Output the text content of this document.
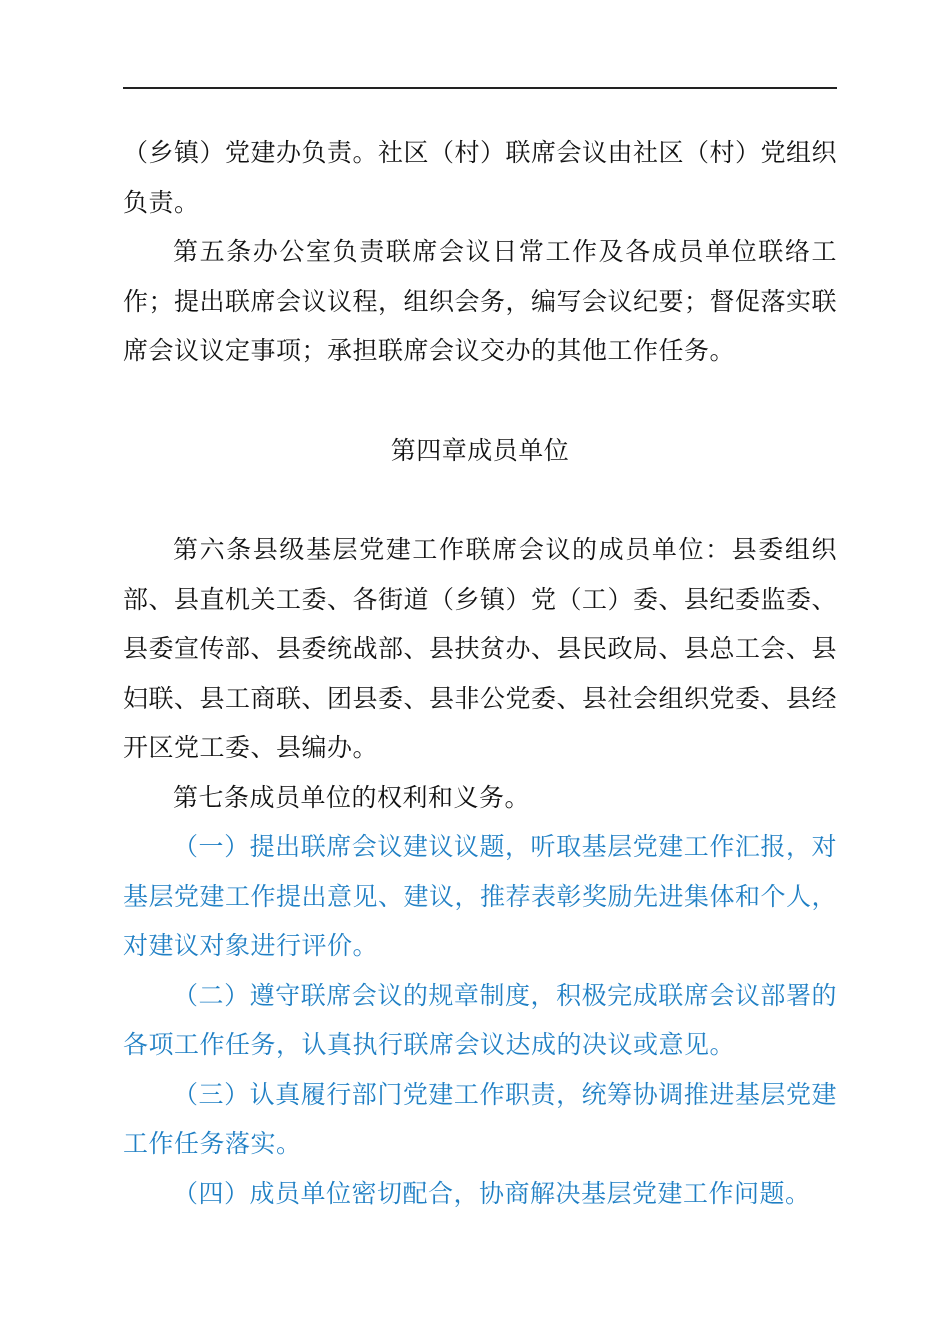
（乡镇）党建办负责。社区（村）联席会议由社区（村）党组织负责。

第五条办公室负责联席会议日常工作及各成员单位联络工作；提出联席会议议程，组织会务，编写会议纪要；督促落实联席会议议定事项；承担联席会议交办的其他工作任务。

第四章成员单位

第六条县级基层党建工作联席会议的成员单位：县委组织部、县直机关工委、各街道（乡镇）党（工）委、县纪委监委、县委宣传部、县委统战部、县扶贫办、县民政局、县总工会、县妇联、县工商联、团县委、县非公党委、县社会组织党委、县经开区党工委、县编办。

第七条成员单位的权利和义务。

（一）提出联席会议建议议题，听取基层党建工作汇报，对基层党建工作提出意见、建议，推荐表彰奖励先进集体和个人，对建议对象进行评价。

（二）遵守联席会议的规章制度，积极完成联席会议部署的各项工作任务，认真执行联席会议达成的决议或意见。

（三）认真履行部门党建工作职责，统筹协调推进基层党建工作任务落实。

（四）成员单位密切配合，协商解决基层党建工作问题。
